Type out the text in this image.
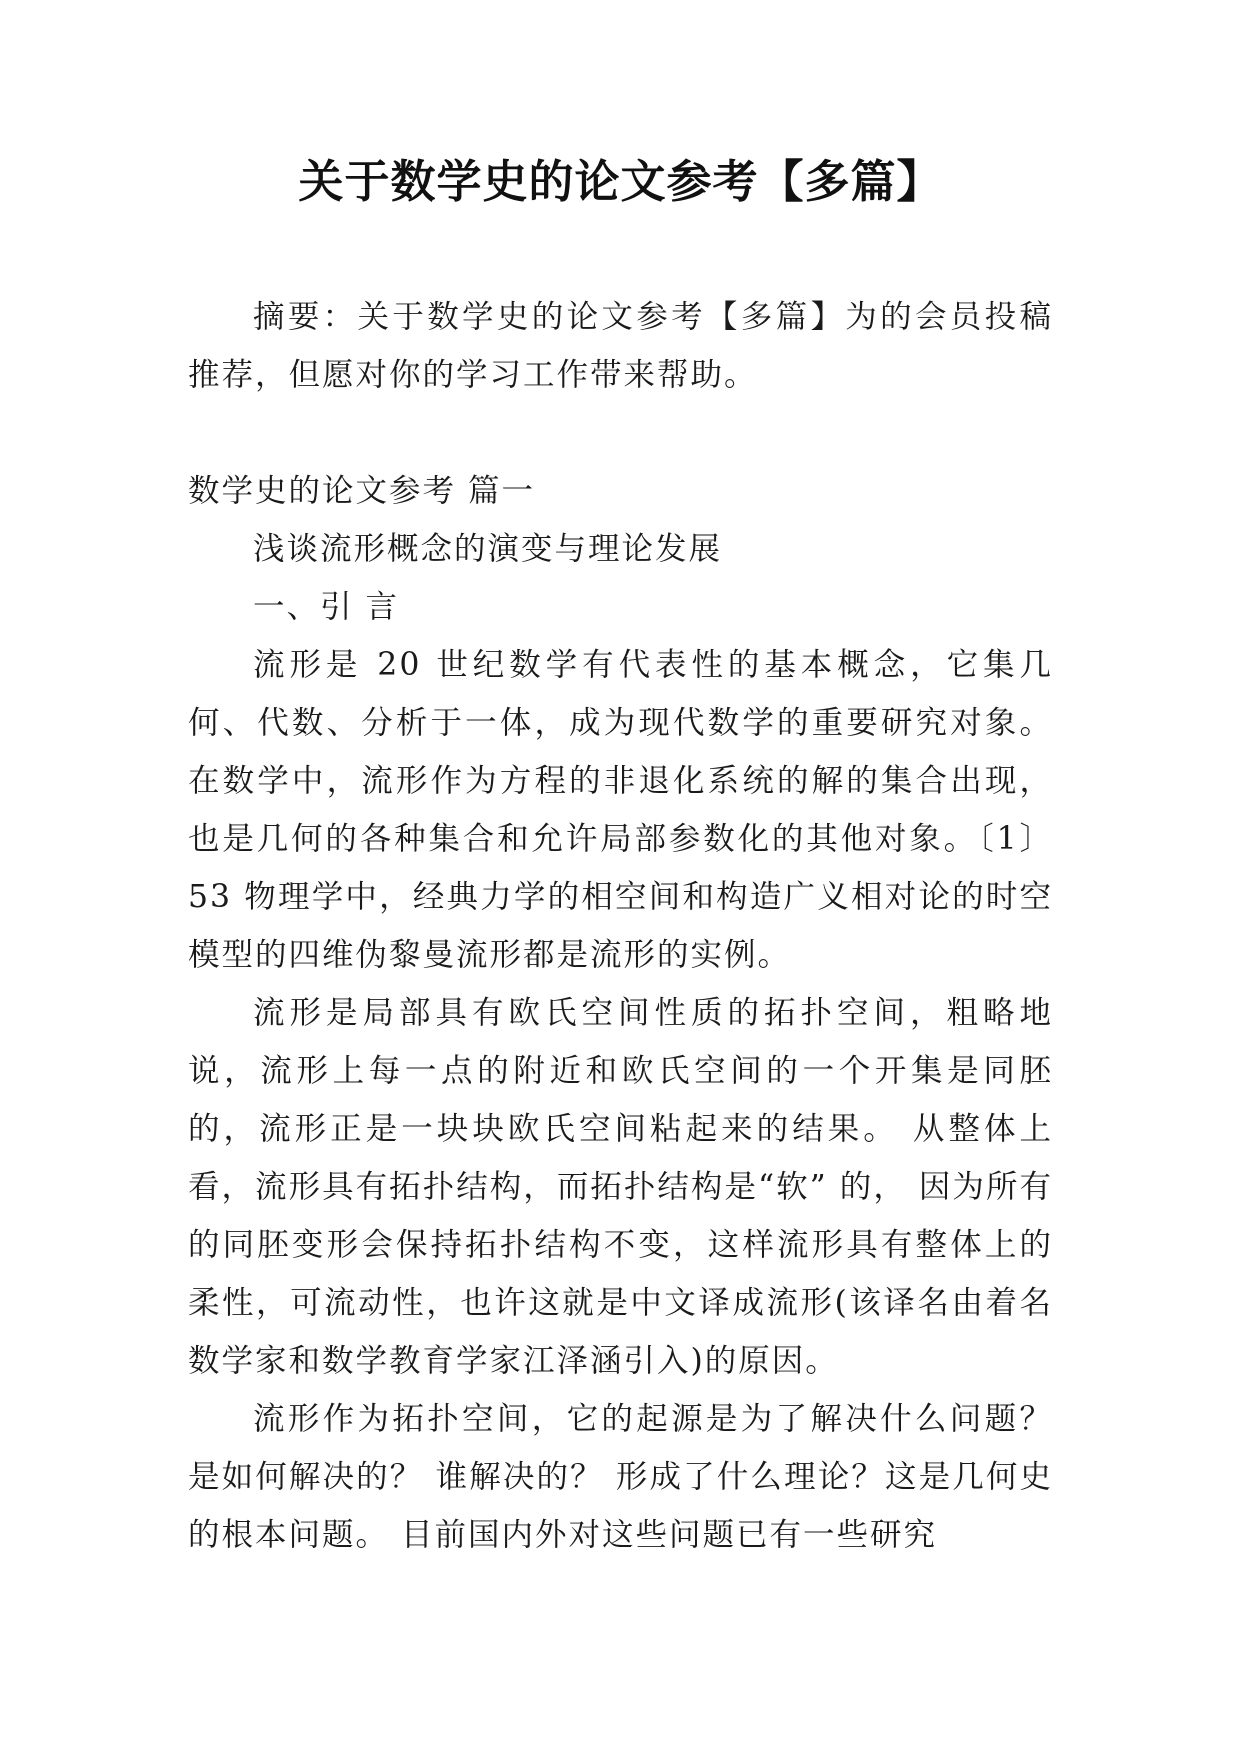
关于数学史的论文参考【多篇】

摘要：关于数学史的论文参考【多篇】为的会员投稿推荐，但愿对你的学习工作带来帮助。

数学史的论文参考 篇一

浅谈流形概念的演变与理论发展

一、引 言

流形是 20 世纪数学有代表性的基本概念，它集几何、代数、分析于一体，成为现代数学的重要研究对象。 在数学中，流形作为方程的非退化系统的解的集合出现，也是几何的各种集合和允许局部参数化的其他对象。〔1〕53 物理学中，经典力学的相空间和构造广义相对论的时空模型的四维伪黎曼流形都是流形的实例。

流形是局部具有欧氏空间性质的拓扑空间，粗略地说，流形上每一点的附近和欧氏空间的一个开集是同胚的，流形正是一块块欧氏空间粘起来的结果。 从整体上看，流形具有拓扑结构，而拓扑结构是“软” 的， 因为所有的同胚变形会保持拓扑结构不变，这样流形具有整体上的柔性，可流动性，也许这就是中文译成流形(该译名由着名数学家和数学教育学家江泽涵引入)的原因。

流形作为拓扑空间，它的起源是为了解决什么问题？ 是如何解决的？ 谁解决的？ 形成了什么理论？这是几何史的根本问题。 目前国内外对这些问题已有一些研究
